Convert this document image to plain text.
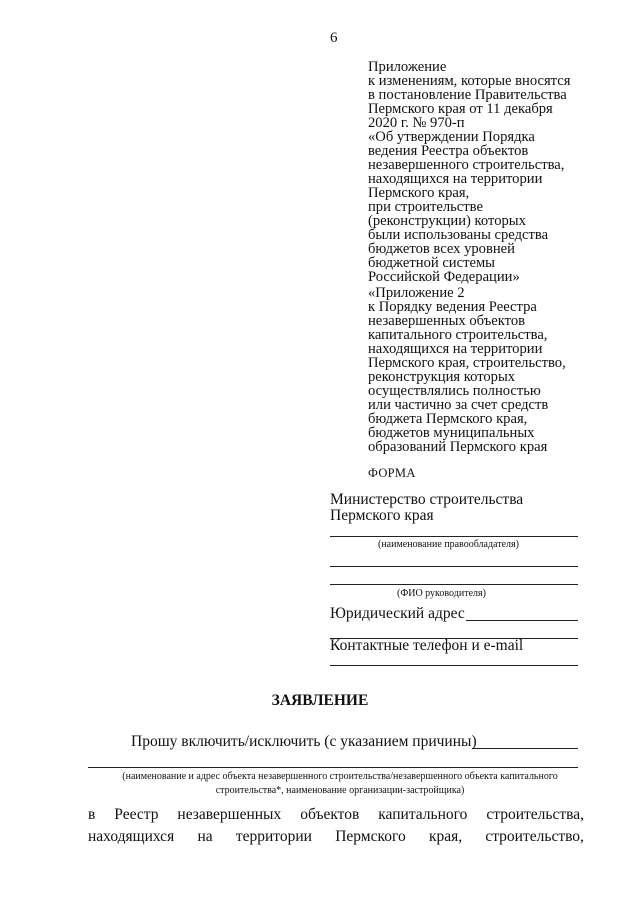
6
Приложение
к изменениям, которые вносятся
в постановление Правительства
Пермского края от 11 декабря
2020 г. № 970-п
«Об утверждении Порядка
ведения Реестра объектов
незавершенного строительства,
находящихся на территории
Пермского края,
при строительстве
(реконструкции) которых
были использованы средства
бюджетов всех уровней
бюджетной системы
Российской Федерации»
«Приложение 2
к Порядку ведения Реестра
незавершенных объектов
капитального строительства,
находящихся на территории
Пермского края, строительство,
реконструкция которых
осуществлялись полностью
или частично за счет средств
бюджета Пермского края,
бюджетов муниципальных
образований Пермского края
ФОРМА
Министерство строительства
Пермского края
(наименование правообладателя)
(ФИО руководителя)
Юридический адрес
Контактные телефон и e-mail
ЗАЯВЛЕНИЕ
Прошу включить/исключить (с указанием причины)
(наименование и адрес объекта незавершенного строительства/незавершенного объекта капитального
строительства*, наименование организации-застройщика)
в Реестр незавершенных объектов капитального строительства,
находящихся на территории Пермского края, строительство,
